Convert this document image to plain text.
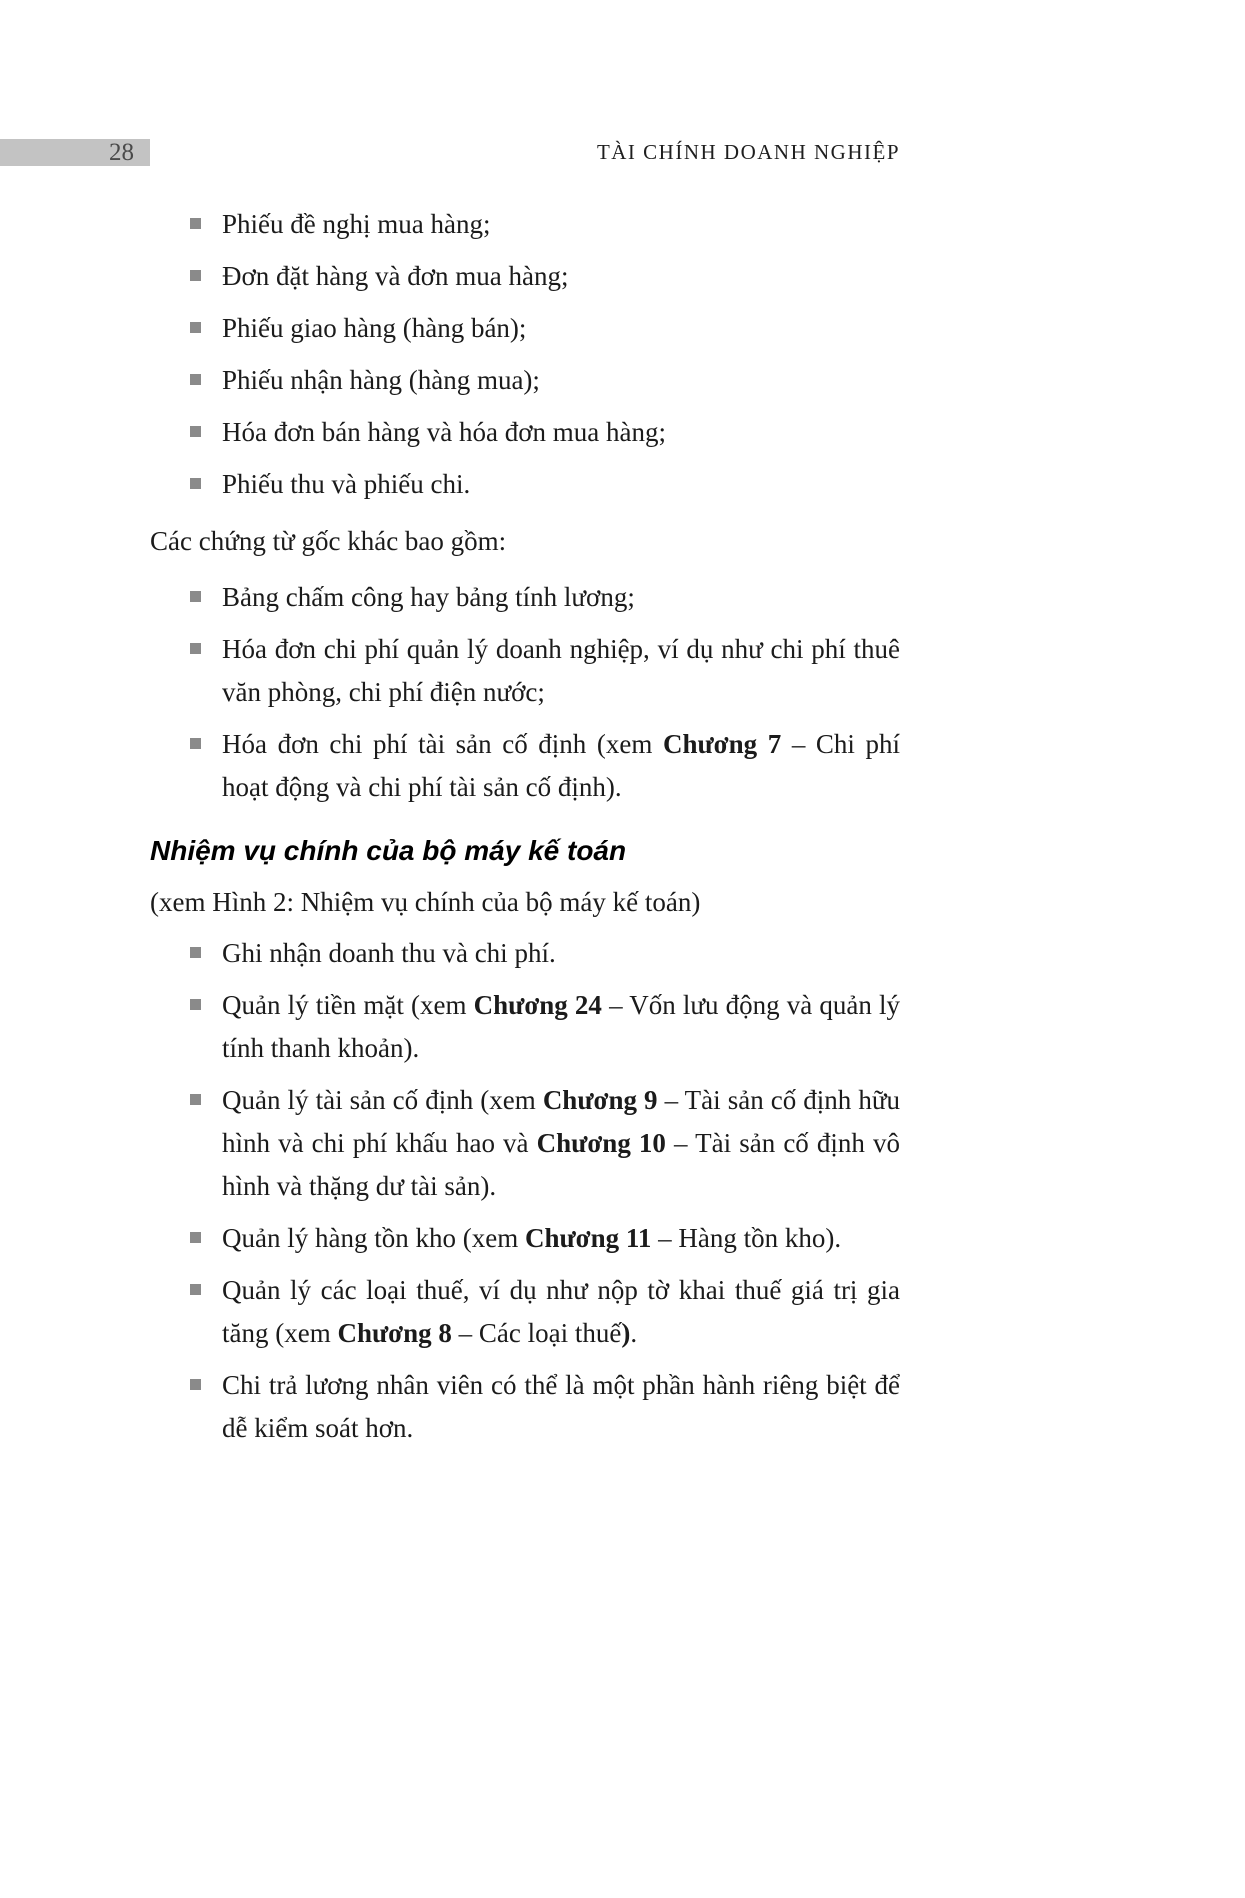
28	TÀI CHÍNH DOANH NGHIỆP
Phiếu đề nghị mua hàng;
Đơn đặt hàng và đơn mua hàng;
Phiếu giao hàng (hàng bán);
Phiếu nhận hàng (hàng mua);
Hóa đơn bán hàng và hóa đơn mua hàng;
Phiếu thu và phiếu chi.

Các chứng từ gốc khác bao gồm:

Bảng chấm công hay bảng tính lương;
Hóa đơn chi phí quản lý doanh nghiệp, ví dụ như chi phí thuê văn phòng, chi phí điện nước;
Hóa đơn chi phí tài sản cố định (xem Chương 7 – Chi phí hoạt động và chi phí tài sản cố định).
Nhiệm vụ chính của bộ máy kế toán

(xem Hình 2: Nhiệm vụ chính của bộ máy kế toán)

Ghi nhận doanh thu và chi phí.
Quản lý tiền mặt (xem Chương 24 – Vốn lưu động và quản lý tính thanh khoản).
Quản lý tài sản cố định (xem Chương 9 – Tài sản cố định hữu hình và chi phí khấu hao và Chương 10 – Tài sản cố định vô hình và thặng dư tài sản).
Quản lý hàng tồn kho (xem Chương 11 – Hàng tồn kho).
Quản lý các loại thuế, ví dụ như nộp tờ khai thuế giá trị gia tăng (xem Chương 8 – Các loại thuế).
Chi trả lương nhân viên có thể là một phần hành riêng biệt để dễ kiểm soát hơn.
